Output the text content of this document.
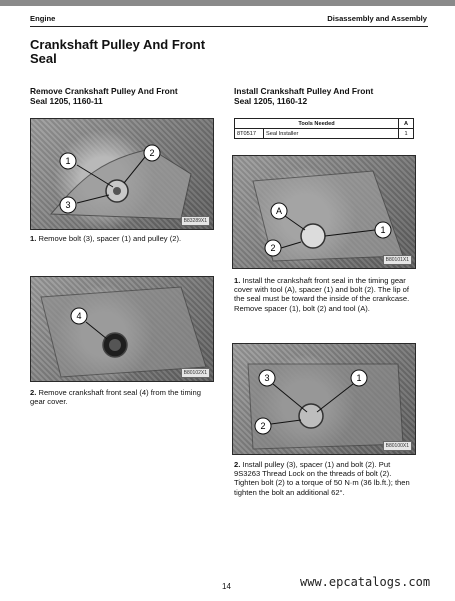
Engine	Disassembly and Assembly
Crankshaft Pulley And Front
Seal
Remove Crankshaft Pulley And Front
Seal 1205, 1160-11
Install Crankshaft Pulley And Front
Seal 1205, 1160-12
Tools Needed		A
8T0517	Seal Installer	1
1
2
3
B83289X1
1. Remove bolt (3), spacer (1) and pulley (2).
4
B80102X1
2. Remove crankshaft front seal (4) from the timing gear cover.
A
1
2
B80101X1
1. Install the crankshaft front seal in the timing gear cover with tool (A), spacer (1) and bolt (2). The lip of the seal must be toward the inside of the crankcase. Remove spacer (1), bolt (2) and tool (A).
3	1
2
B80100X1
2. Install pulley (3), spacer (1) and bolt (2). Put 9S3263 Thread Lock on the threads of bolt (2). Tighten bolt (2) to a torque of 50 N·m (36 lb.ft.); then tighten the bolt an additional 62°.
14	www.epcatalogs.com
